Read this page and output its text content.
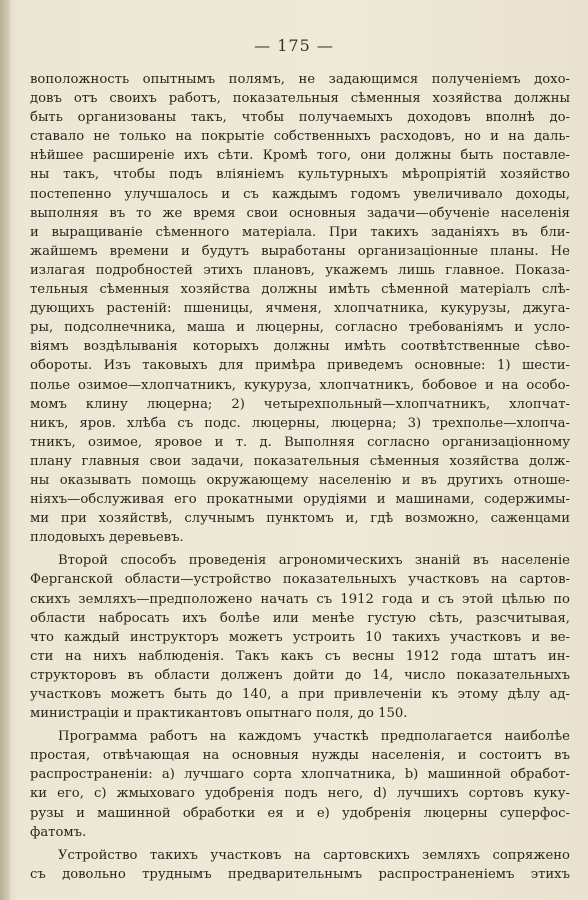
— 175 —
воположность опытнымъ полямъ, не задающимся полученіемъ дохо-
довъ отъ своихъ работъ, показательныя сѣменныя хозяйства должны
быть организованы такъ, чтобы получаемыхъ доходовъ вполнѣ до-
ставало не только на покрытіе собственныхъ расходовъ, но и на даль-
нѣйшее расширеніе ихъ сѣти. Кромѣ того, они должны быть поставле-
ны такъ, чтобы подъ вліяніемъ культурныхъ мѣропріятій хозяйство
постепенно улучшалось и съ каждымъ годомъ увеличивало доходы,
выполняя въ то же время свои основныя задачи—обученіе населенія
и выращиваніе сѣменного матеріала. При такихъ заданіяхъ въ бли-
жайшемъ времени и будутъ выработаны организаціонные планы. Не
излагая подробностей этихъ плановъ, укажемъ лишь главное. Показа-
тельныя сѣменныя хозяйства должны имѣть сѣменной матеріалъ слѣ-
дующихъ растеній: пшеницы, ячменя, хлопчатника, кукурузы, джугa-
ры, подсолнечника, маша и люцерны, согласно требованіямъ и усло-
віямъ воздѣлыванія которыхъ должны имѣть соотвѣтственные сѣво-
обороты. Изъ таковыхъ для примѣра приведемъ основные: 1) шести-
польe озимое—хлопчатникъ, кукуруза, хлопчатникъ, бобовое и на особо-
момъ клину люцерна; 2) четырехпольный—хлопчатникъ, хлопчат-
никъ, яров. хлѣба съ подс. люцерны, люцерна; 3) трехполье—хлопча-
тникъ, озимое, яровое и т. д. Выполняя согласно организаціонному
плану главныя свои задачи, показательныя сѣменныя хозяйства долж-
ны оказывать помощь окружающему населенію и въ другихъ отноше-
ніяхъ—обслуживая его прокатными орудіями и машинами, содержимы-
ми при хозяйствѣ, случнымъ пунктомъ и, гдѣ возможно, саженцами
плодовыхъ деревьевъ.
Второй способъ проведенія агрономическихъ знаній въ населеніе
Ферганской области—устройство показательныхъ участковъ на сартов-
скихъ земляхъ—предположено начать съ 1912 года и съ этой цѣлью по
области набросать ихъ болѣе или менѣе густую сѣть, разсчитывая,
что каждый инструкторъ можетъ устроить 10 такихъ участковъ и ве-
сти на нихъ наблюденія. Такъ какъ съ весны 1912 года штатъ ин-
структоровъ въ области долженъ дойти до 14, число показательныхъ
участковъ можетъ быть до 140, а при привлеченіи къ этому дѣлу ад-
министраціи и практикантовъ опытнаго поля, до 150.
Программа работъ на каждомъ участкѣ предполагается наиболѣе
простая, отвѣчающая на основныя нужды населенія, и состоитъ въ
распространеніи: a) лучшаго сорта хлопчатника, b) машинной обработ-
ки его, c) жмыховаго удобренія подъ него, d) лучшихъ сортовъ куку-
рузы и машинной обработки ея и e) удобренія люцерны суперфос-
фатомъ.
Устройство такихъ участковъ на сартовскихъ земляхъ сопряжено
съ довольно труднымъ предварительнымъ распространеніемъ этихъ
